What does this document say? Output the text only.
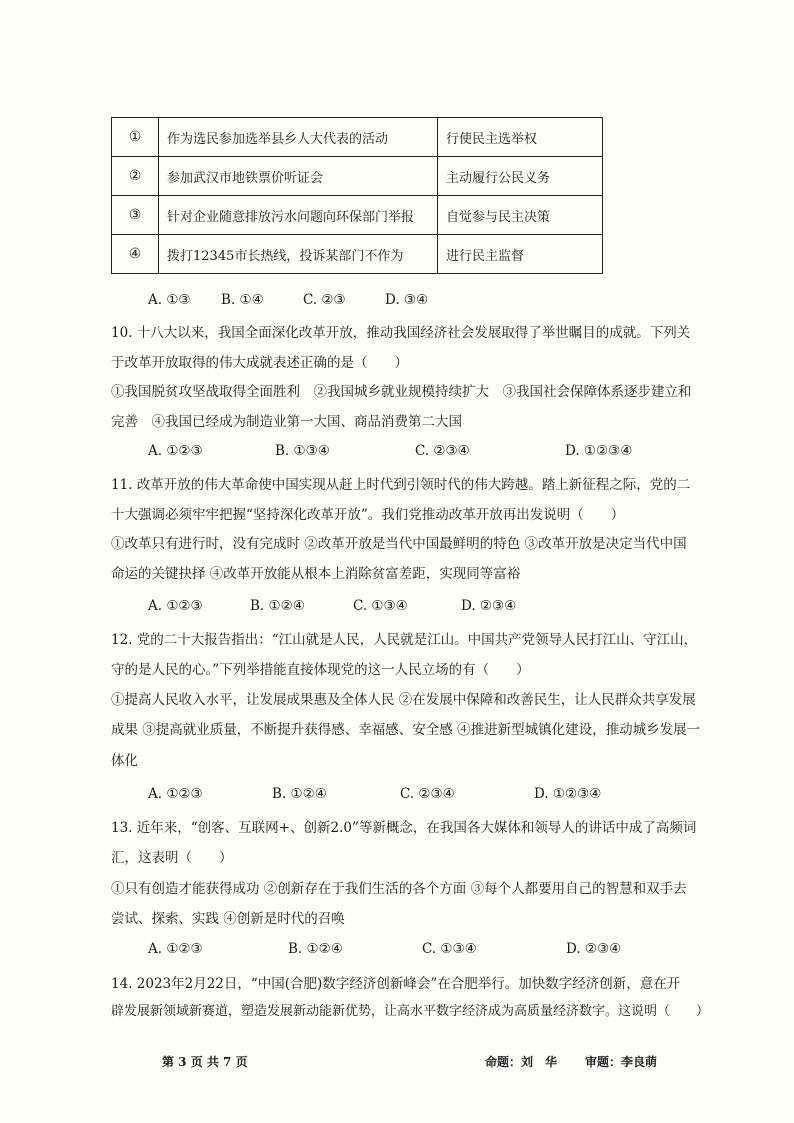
①	作为选民参加选举县乡人大代表的活动	行使民主选举权
②	参加武汉市地铁票价听证会	主动履行公民义务
③	针对企业随意排放污水问题向环保部门举报	自觉参与民主决策
④	拨打12345市长热线，投诉某部门不作为	进行民主监督
A. ①③ B. ①④	C. ②③	D. ③④
10. 十八大以来，我国全面深化改革开放，推动我国经济社会发展取得了举世瞩目的成就。下列关
于改革开放取得的伟大成就表述正确的是（　　）
①我国脱贫攻坚战取得全面胜利　②我国城乡就业规模持续扩大　③我国社会保障体系逐步建立和
完善　④我国已经成为制造业第一大国、商品消费第二大国
A. ①②③	B. ①③④	C. ②③④	D. ①②③④
11. 改革开放的伟大革命使中国实现从赶上时代到引领时代的伟大跨越。踏上新征程之际，党的二
十大强调必须牢牢把握“坚持深化改革开放”。我们党推动改革开放再出发说明（　　）
①改革只有进行时，没有完成时 ②改革开放是当代中国最鲜明的特色 ③改革开放是决定当代中国
命运的关键抉择 ④改革开放能从根本上消除贫富差距，实现同等富裕
A. ①②③	B. ①②④	C. ①③④	D. ②③④
12. 党的二十大报告指出：“江山就是人民，人民就是江山。中国共产党领导人民打江山、守江山，
守的是人民的心。”下列举措能直接体现党的这一人民立场的有（　　）
①提高人民收入水平，让发展成果惠及全体人民 ②在发展中保障和改善民生，让人民群众共享发展
成果 ③提高就业质量，不断提升获得感、幸福感、安全感 ④推进新型城镇化建设，推动城乡发展一
体化
A. ①②③	B. ①②④	C. ②③④	D. ①②③④
13. 近年来，“创客、互联网+、创新2.0”等新概念，在我国各大媒体和领导人的讲话中成了高频词
汇，这表明（　　）
①只有创造才能获得成功 ②创新存在于我们生活的各个方面 ③每个人都要用自己的智慧和双手去
尝试、探索、实践 ④创新是时代的召唤
A. ①②③	B. ①②④	C. ①③④	D. ②③④
14. 2023年2月22日，“中国(合肥)数字经济创新峰会”在合肥举行。加快数字经济创新，意在开
辟发展新领域新赛道，塑造发展新动能新优势，让高水平数字经济成为高质量经济数字。这说明（　　）
第 3 页 共 7 页	命题：刘　华 审题：李良萌
